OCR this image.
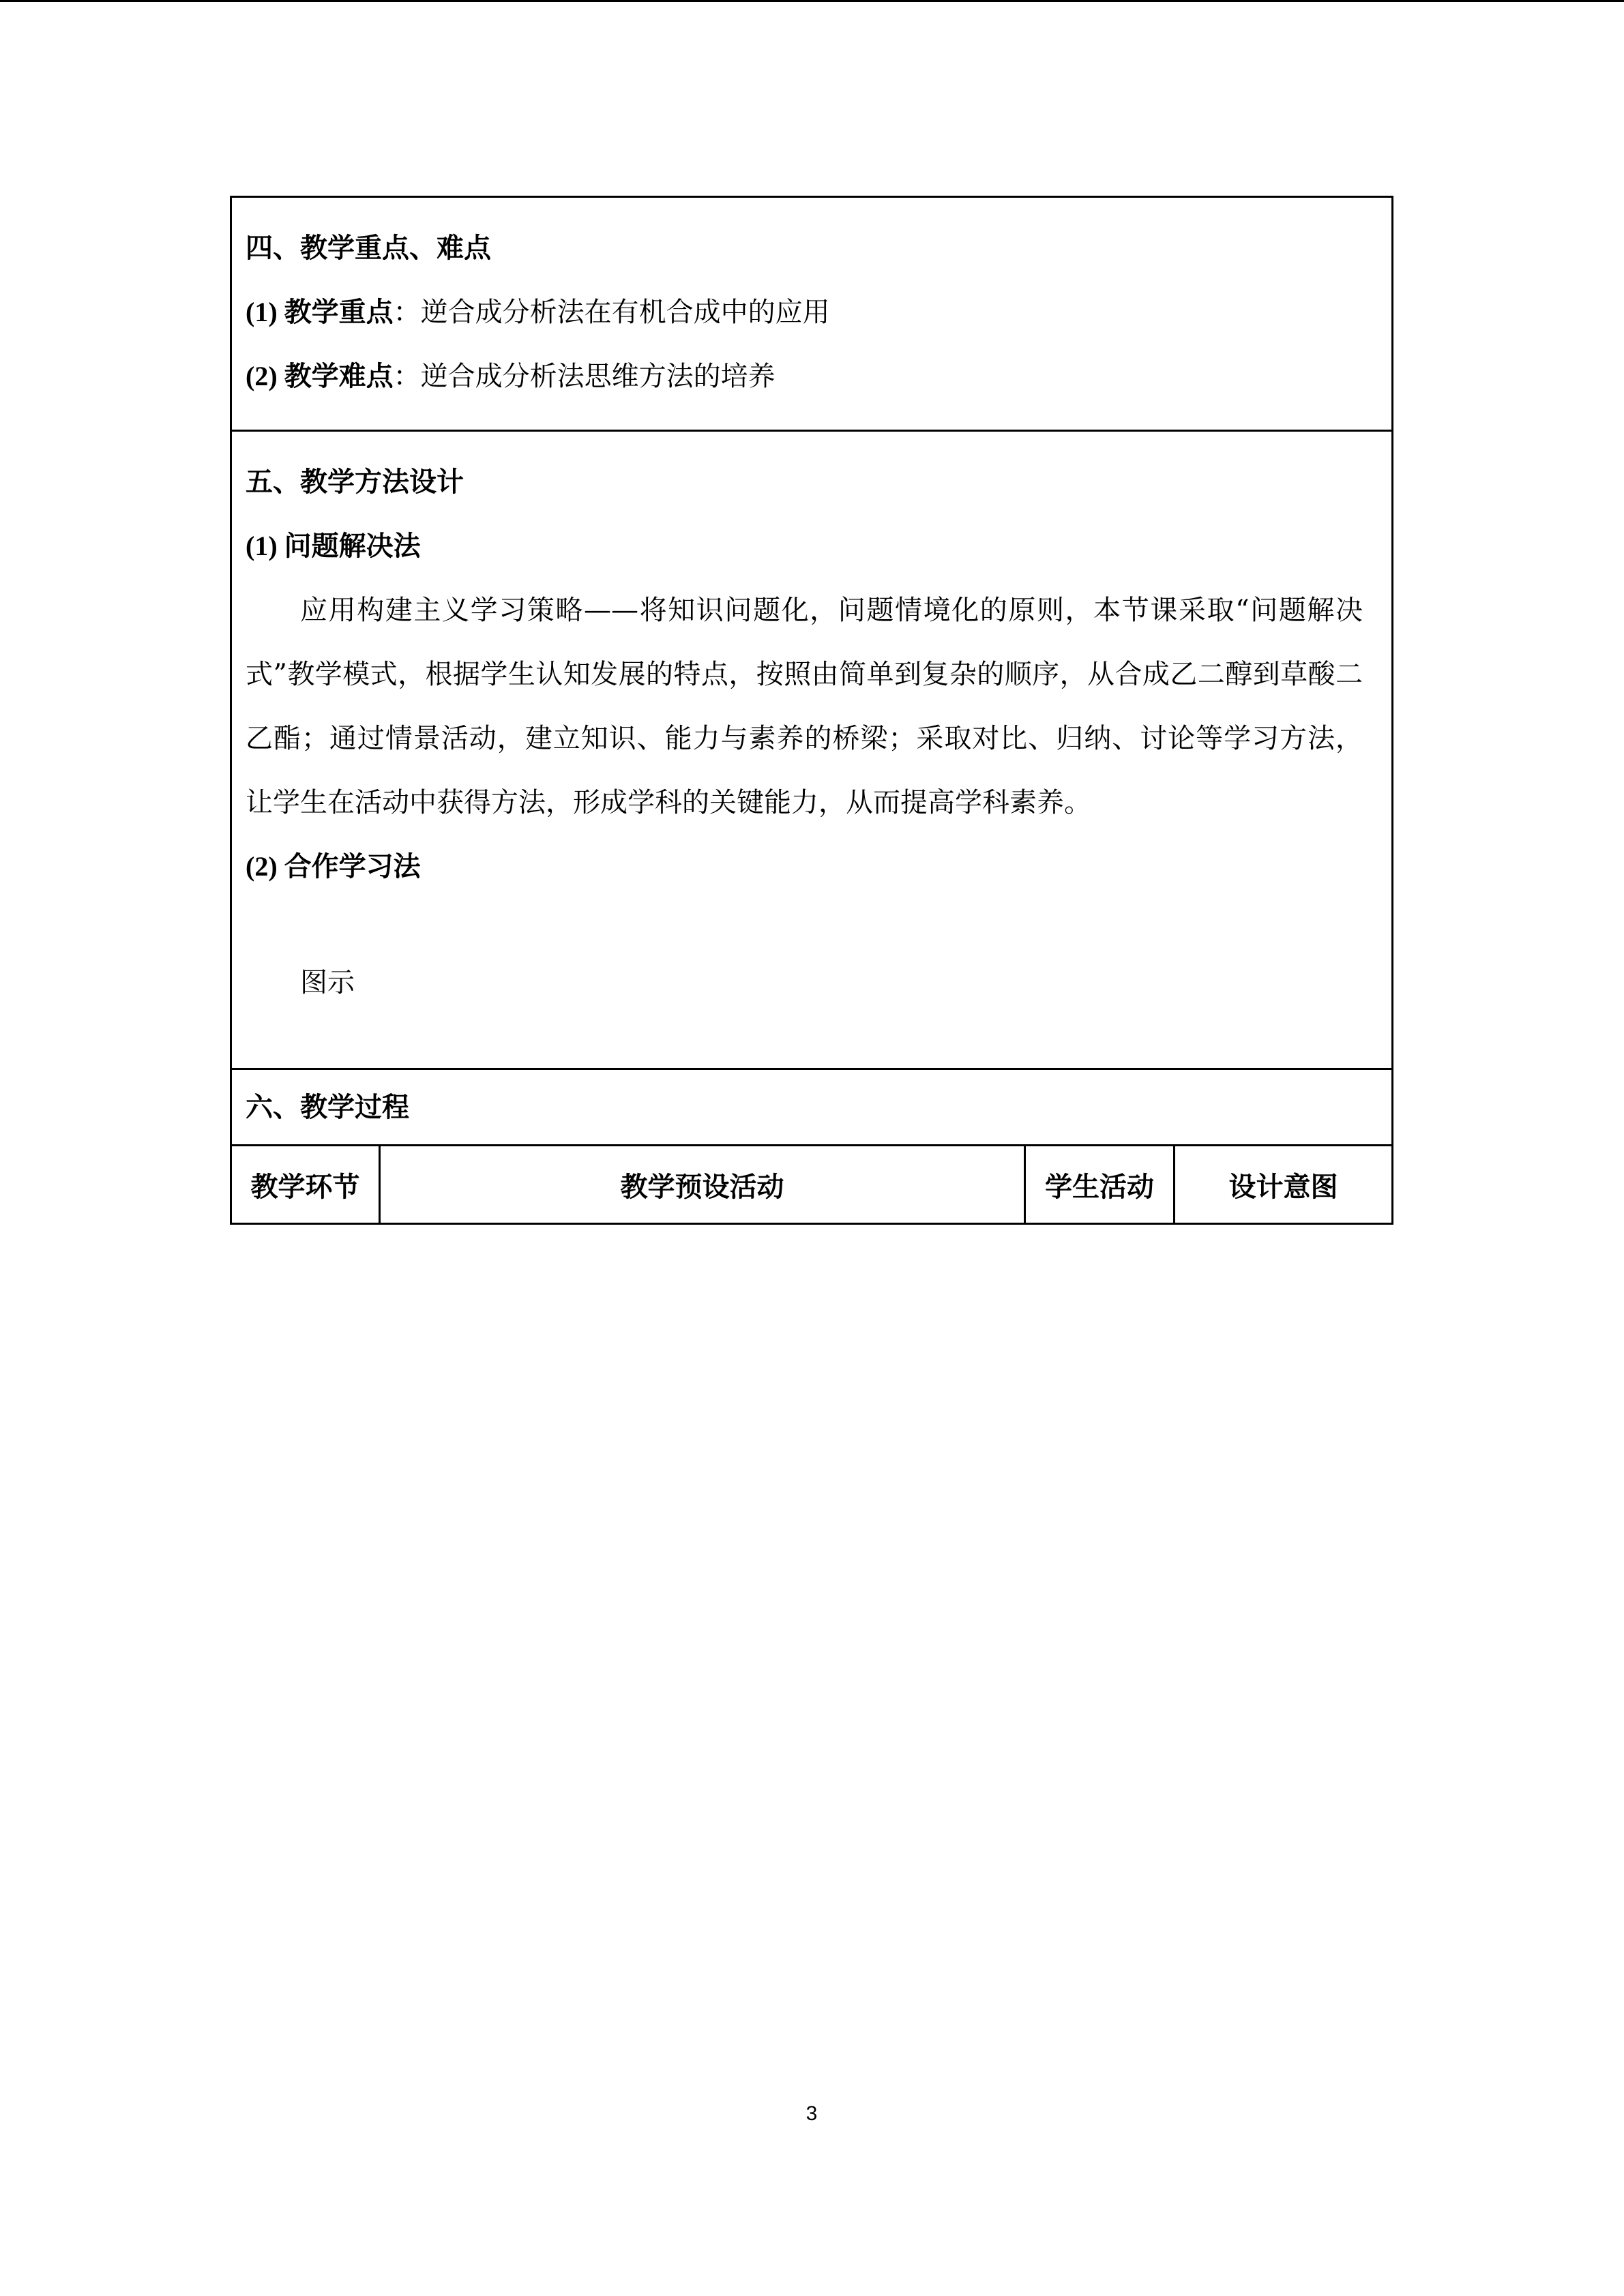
四、教学重点、难点

(1) 教学重点：逆合成分析法在有机合成中的应用

(2) 教学难点：逆合成分析法思维方法的培养

五、教学方法设计

(1) 问题解决法

应用构建主义学习策略——将知识问题化，问题情境化的原则，本节课采取“问题解决式”教学模式，根据学生认知发展的特点，按照由简单到复杂的顺序，从合成乙二醇到草酸二乙酯；通过情景活动，建立知识、能力与素养的桥梁；采取对比、归纳、讨论等学习方法，让学生在活动中获得方法，形成学科的关键能力，从而提高学科素养。

(2) 合作学习法

图示

六、教学过程

教学环节	教学预设活动	学生活动	设计意图
3
